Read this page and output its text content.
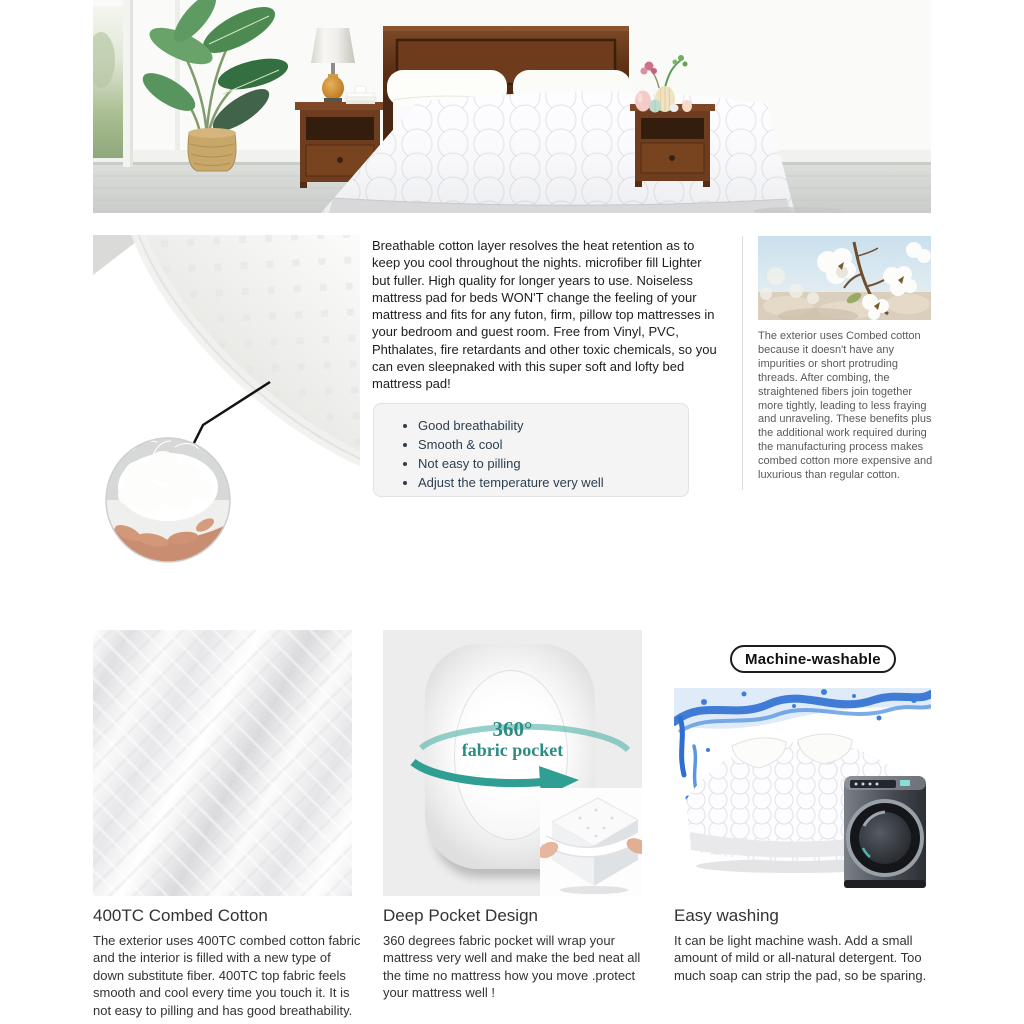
Breathable cotton layer resolves the heat retention as to keep you cool throughout the nights. microfiber fill Lighter but fuller. High quality for longer years to use. Noiseless mattress pad for beds WON'T change the feeling of your mattress and fits for any futon, firm, pillow top mattresses in your bedroom and guest room. Free from Vinyl, PVC, Phthalates, fire retardants and other toxic chemicals, so you can even sleepnaked with this super soft and lofty bed mattress pad!
• Good breathability
• Smooth & cool
• Not easy to pilling
• Adjust the temperature very well
The exterior uses Combed cotton because it doesn't have any impurities or short protruding threads. After combing, the straightened fibers join together more tightly, leading to less fraying and unraveling. These benefits plus the additional work required during the manufacturing process makes combed cotton more expensive and luxurious than regular cotton.
360°
fabric pocket
Machine-washable
400TC Combed Cotton
The exterior uses 400TC combed cotton fabric and the interior is filled with a new type of down substitute fiber. 400TC top fabric feels smooth and cool every time you touch it. It is not easy to pilling and has good breathability.
Deep Pocket Design
360 degrees fabric pocket will wrap your mattress very well and make the bed neat all the time no mattress how you move .protect your mattress well !
Easy washing
It can be light machine wash. Add a small amount of mild or all-natural detergent. Too much soap can strip the pad, so be sparing.
